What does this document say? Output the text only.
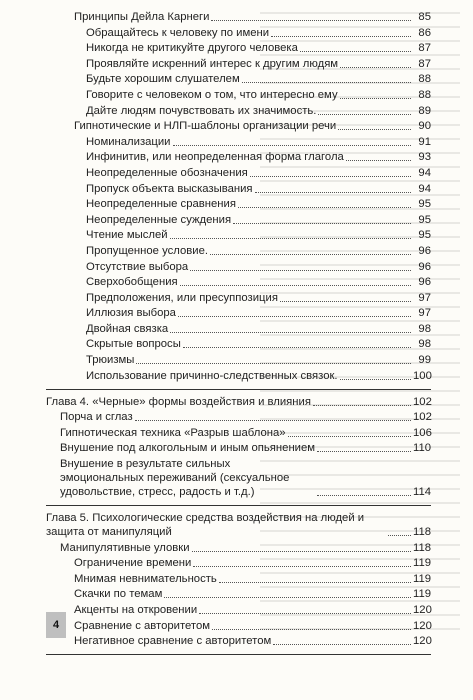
Принципы Дейла Карнеги	85
Обращайтесь к человеку по имени	86
Никогда не критикуйте другого человека	87
Проявляйте искренний интерес к другим людям	87
Будьте хорошим слушателем	88
Говорите с человеком о том, что интересно ему	88
Дайте людям почувствовать их значимость.	89
Гипнотические и НЛП-шаблоны организации речи	90
Номинализации	91
Инфинитив, или неопределенная форма глагола	93
Неопределенные обозначения	94
Пропуск объекта высказывания	94
Неопределенные сравнения	95
Неопределенные суждения	95
Чтение мыслей	95
Пропущенное условие.	96
Отсутствие выбора	96
Сверхобобщения	96
Предположения, или пресуппозиция	97
Иллюзия выбора	97
Двойная связка	98
Скрытые вопросы	98
Трюизмы	99
Использование причинно-следственных связок.	100
Глава 4. «Черные» формы воздействия и влияния	102
Порча и сглаз	102
Гипнотическая техника «Разрыв шаблона»	106
Внушение под алкогольным и иным опьянением	110
Внушение в результате сильных эмоциональных переживаний (сексуальное удовольствие, стресс, радость и т.д.)	114
Глава 5. Психологические средства воздействия на людей и защита от манипуляций	118
Манипулятивные уловки	118
Ограничение времени	119
Мнимая невнимательность	119
Скачки по темам	119
Акценты на откровении	120
Сравнение с авторитетом	120
Негативное сравнение с авторитетом	120
4
